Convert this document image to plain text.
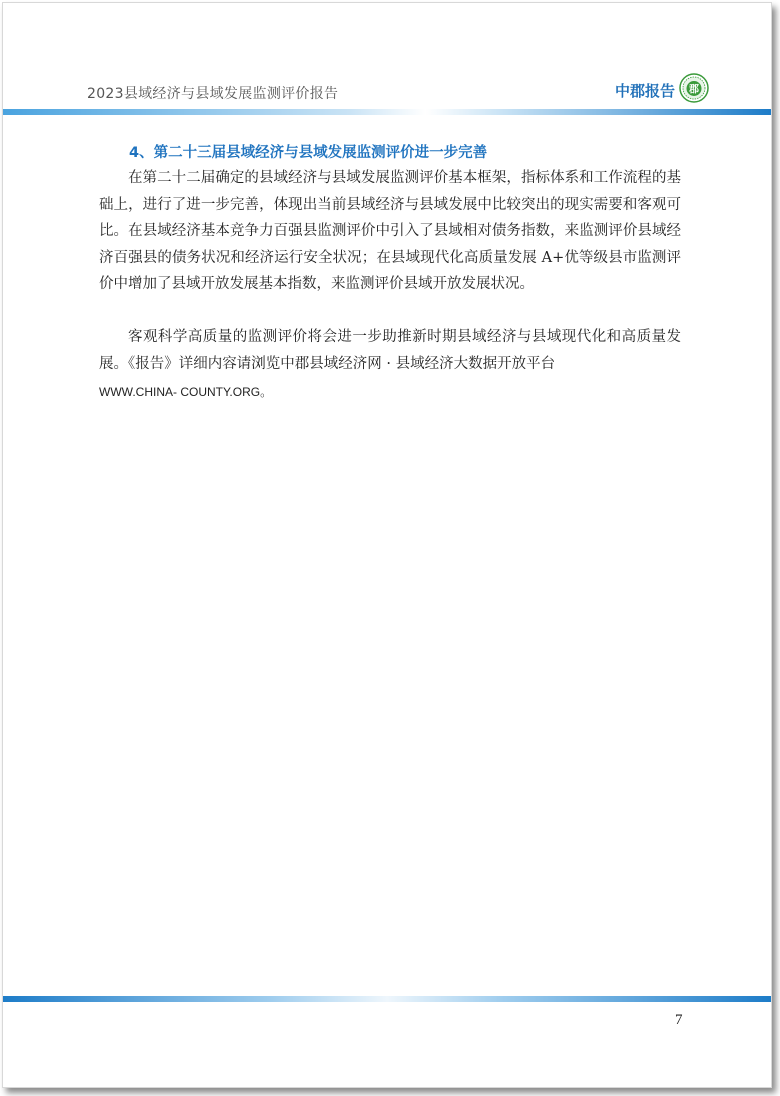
2023县域经济与县域发展监测评价报告	中郡报告 郡
4、第二十三届县域经济与县域发展监测评价进一步完善

在第二十二届确定的县域经济与县域发展监测评价基本框架，指标体系和工作流程的基础上，进行了进一步完善，体现出当前县域经济与县域发展中比较突出的现实需要和客观可比。在县域经济基本竞争力百强县监测评价中引入了县域相对债务指数，来监测评价县域经济百强县的债务状况和经济运行安全状况；在县域现代化高质量发展 A+优等级县市监测评价中增加了县域开放发展基本指数，来监测评价县域开放发展状况。

客观科学高质量的监测评价将会进一步助推新时期县域经济与县域现代化和高质量发展。《报告》详细内容请浏览中郡县域经济网 · 县域经济大数据开放平台

WWW.CHINA- COUNTY.ORG。
7
